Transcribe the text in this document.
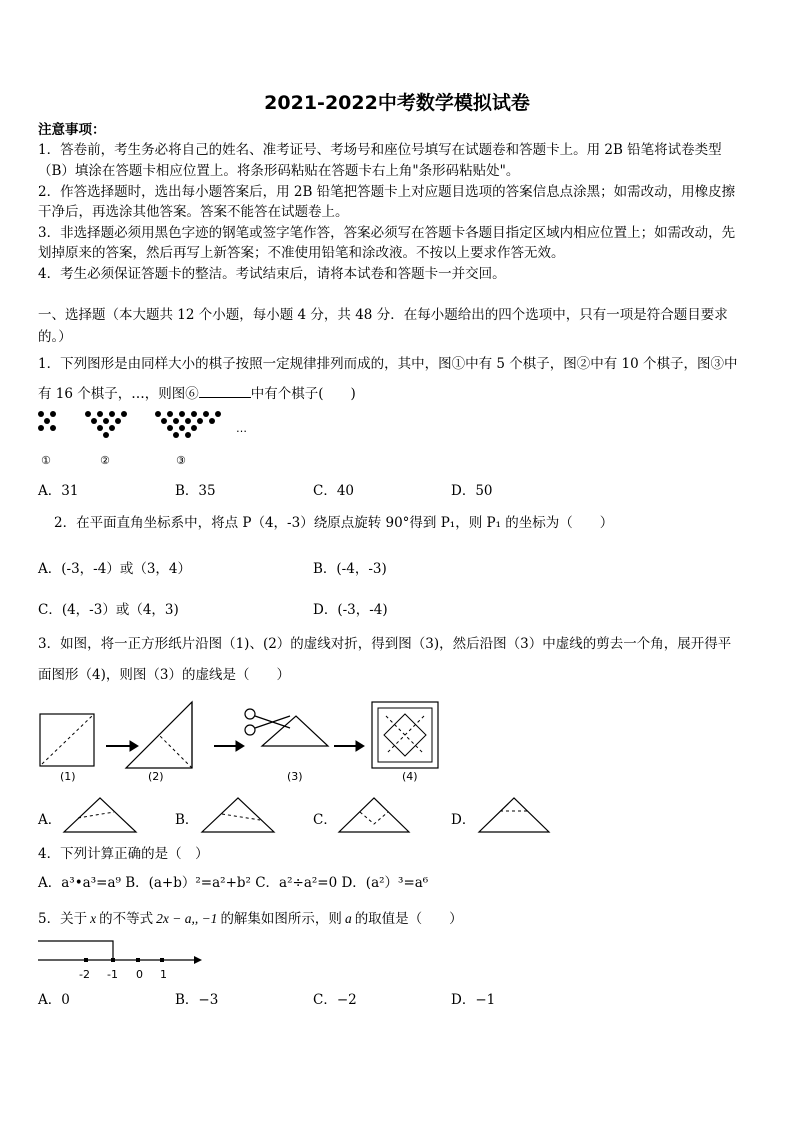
2021-2022中考数学模拟试卷
注意事项：
1．答卷前，考生务必将自己的姓名、准考证号、考场号和座位号填写在试题卷和答题卡上。用 2B 铅笔将试卷类型
（B）填涂在答题卡相应位置上。将条形码粘贴在答题卡右上角"条形码粘贴处"。
2．作答选择题时，选出每小题答案后，用 2B 铅笔把答题卡上对应题目选项的答案信息点涂黑；如需改动，用橡皮擦
干净后，再选涂其他答案。答案不能答在试题卷上。
3．非选择题必须用黑色字迹的钢笔或签字笔作答，答案必须写在答题卡各题目指定区域内相应位置上；如需改动，先
划掉原来的答案，然后再写上新答案；不准使用铅笔和涂改液。不按以上要求作答无效。
4．考生必须保证答题卡的整洁。考试结束后，请将本试卷和答题卡一并交回。
一、选择题（本大题共 12 个小题，每小题 4 分，共 48 分．在每小题给出的四个选项中，只有一项是符合题目要求
的。）
1．下列图形是由同样大小的棋子按照一定规律排列而成的，其中，图①中有 5 个棋子，图②中有 10 个棋子，图③中
有 16 个棋子，…，则图⑥	中有个棋子(　　)
…
①	②	③
A．31	B．35	C．40	D．50
2．在平面直角坐标系中，将点 P（4，-3）绕原点旋转 90°得到 P₁，则 P₁ 的坐标为（　　）
A．(-3，-4）或（3，4）	B．(-4，-3)
C．(4，-3）或（4，3)	D．(-3，-4)
3．如图，将一正方形纸片沿图（1)、(2）的虚线对折，得到图（3)，然后沿图（3）中虚线的剪去一个角，展开得平
面图形（4)，则图（3）的虚线是（　　）
(1)	(2)	(3)	(4)
A．	B．	C．	D．
4．下列计算正确的是（　）
A．a³•a³=a⁹ B．(a+b）²=a²+b² C．a²÷a²=0 D．(a²）³=a⁶
5．关于 x 的不等式 2x − a,, −1 的解集如图所示，则 a 的取值是（　　）
-2 -1 0 1
A．0	B．−3	C．−2	D．−1
